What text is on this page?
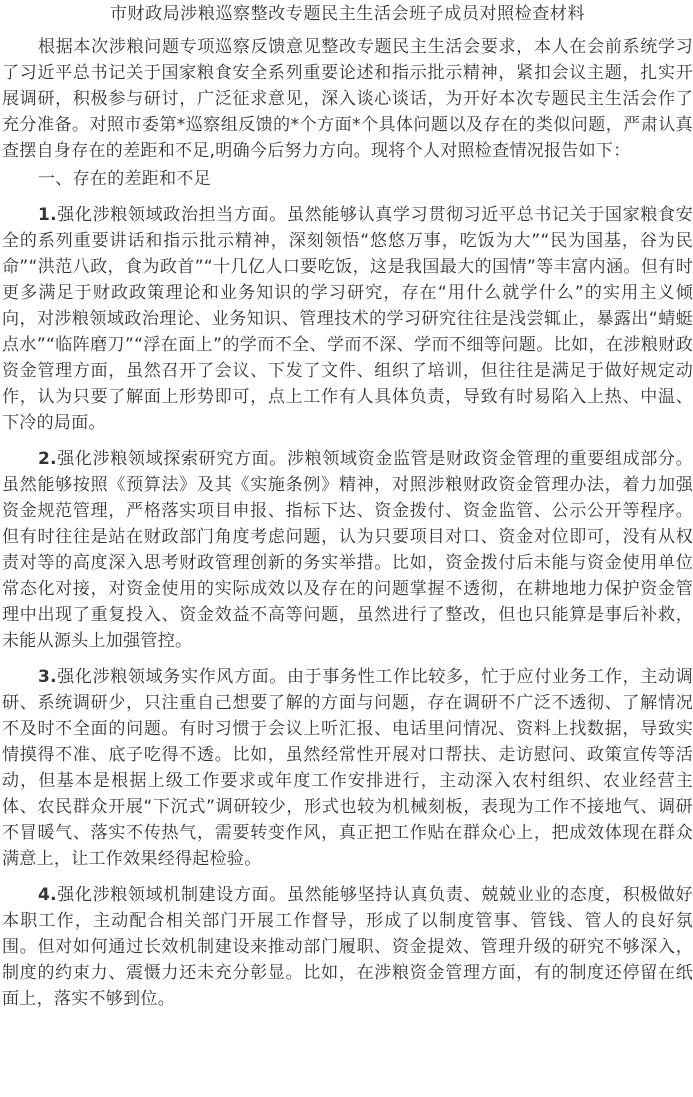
市财政局涉粮巡察整改专题民主生活会班子成员对照检查材料

根据本次涉粮问题专项巡察反馈意见整改专题民主生活会要求，本人在会前系统学习了习近平总书记关于国家粮食安全系列重要论述和指示批示精神，紧扣会议主题，扎实开展调研，积极参与研讨，广泛征求意见，深入谈心谈话，为开好本次专题民主生活会作了充分准备。对照市委第*巡察组反馈的*个方面*个具体问题以及存在的类似问题，严肃认真查摆自身存在的差距和不足,明确今后努力方向。现将个人对照检查情况报告如下：

一、存在的差距和不足

1.强化涉粮领域政治担当方面。虽然能够认真学习贯彻习近平总书记关于国家粮食安全的系列重要讲话和指示批示精神，深刻领悟“悠悠万事，吃饭为大”“民为国基，谷为民命”“洪范八政，食为政首”“十几亿人口要吃饭，这是我国最大的国情”等丰富内涵。但有时更多满足于财政政策理论和业务知识的学习研究，存在“用什么就学什么”的实用主义倾向，对涉粮领域政治理论、业务知识、管理技术的学习研究往往是浅尝辄止，暴露出“蜻蜓点水”“临阵磨刀”“浮在面上”的学而不全、学而不深、学而不细等问题。比如，在涉粮财政资金管理方面，虽然召开了会议、下发了文件、组织了培训，但往往是满足于做好规定动作，认为只要了解面上形势即可，点上工作有人具体负责，导致有时易陷入上热、中温、下冷的局面。

2.强化涉粮领域探索研究方面。涉粮领域资金监管是财政资金管理的重要组成部分。虽然能够按照《预算法》及其《实施条例》精神，对照涉粮财政资金管理办法，着力加强资金规范管理，严格落实项目申报、指标下达、资金拨付、资金监管、公示公开等程序。但有时往往是站在财政部门角度考虑问题，认为只要项目对口、资金对位即可，没有从权责对等的高度深入思考财政管理创新的务实举措。比如，资金拨付后未能与资金使用单位常态化对接，对资金使用的实际成效以及存在的问题掌握不透彻，在耕地地力保护资金管理中出现了重复投入、资金效益不高等问题，虽然进行了整改，但也只能算是事后补救，未能从源头上加强管控。

3.强化涉粮领域务实作风方面。由于事务性工作比较多，忙于应付业务工作，主动调研、系统调研少，只注重自己想要了解的方面与问题，存在调研不广泛不透彻、了解情况不及时不全面的问题。有时习惯于会议上听汇报、电话里问情况、资料上找数据，导致实情摸得不准、底子吃得不透。比如，虽然经常性开展对口帮扶、走访慰问、政策宣传等活动，但基本是根据上级工作要求或年度工作安排进行，主动深入农村组织、农业经营主体、农民群众开展“下沉式”调研较少，形式也较为机械刻板，表现为工作不接地气、调研不冒暖气、落实不传热气，需要转变作风，真正把工作贴在群众心上，把成效体现在群众满意上，让工作效果经得起检验。

4.强化涉粮领域机制建设方面。虽然能够坚持认真负责、兢兢业业的态度，积极做好本职工作，主动配合相关部门开展工作督导，形成了以制度管事、管钱、管人的良好氛围。但对如何通过长效机制建设来推动部门履职、资金提效、管理升级的研究不够深入，制度的约束力、震慑力还未充分彰显。比如，在涉粮资金管理方面，有的制度还停留在纸面上，落实不够到位。
